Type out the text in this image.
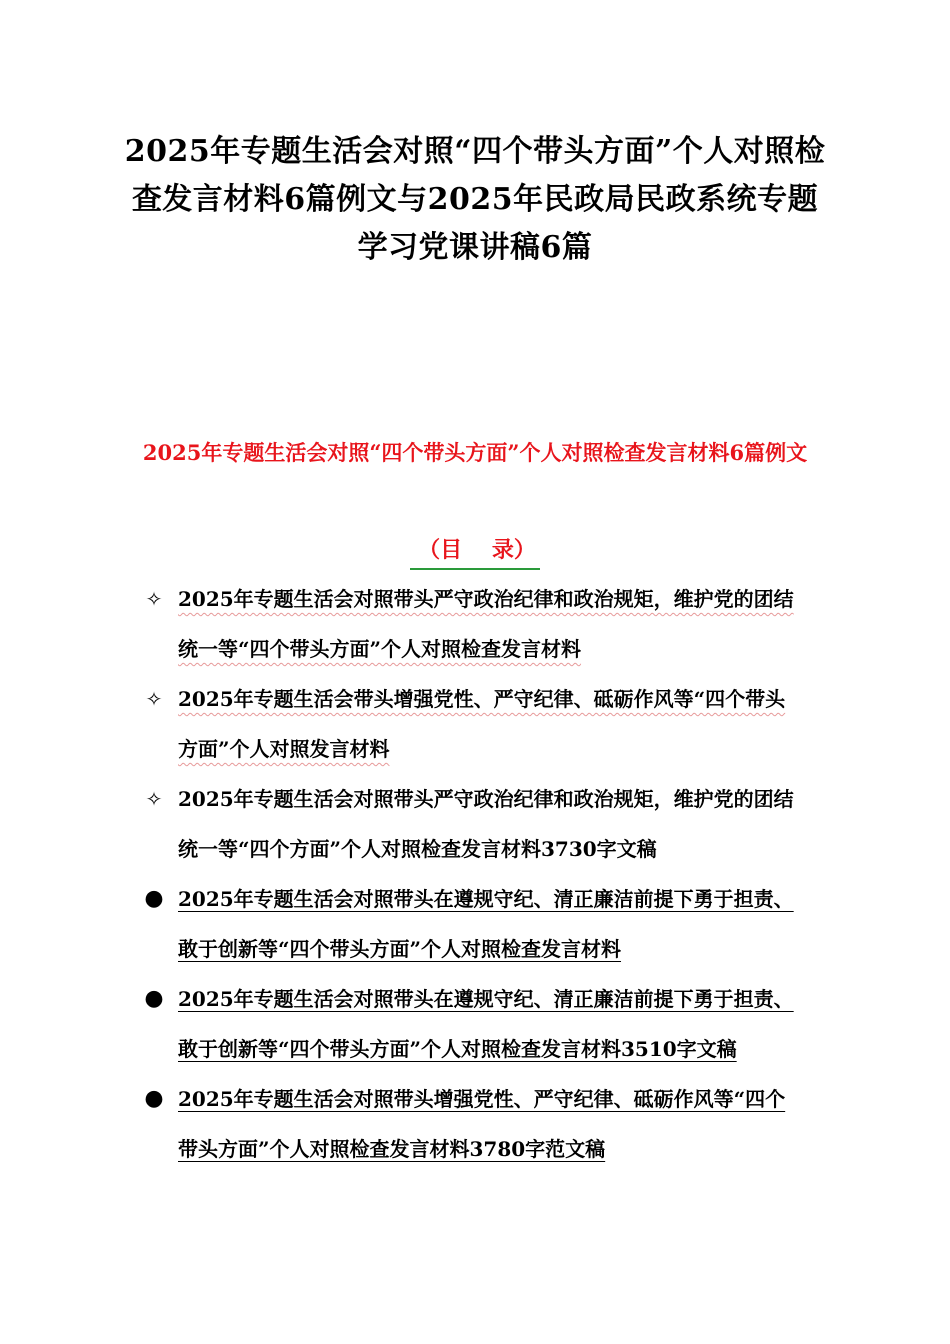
2025年专题生活会对照“四个带头方面”个人对照检查发言材料6篇例文与2025年民政局民政系统专题学习党课讲稿6篇
2025年专题生活会对照“四个带头方面”个人对照检查发言材料6篇例文
（目　 录）
✧ 2025年专题生活会对照带头严守政治纪律和政治规矩，维护党的团结统一等“四个带头方面”个人对照检查发言材料
✧ 2025年专题生活会带头增强党性、严守纪律、砥砺作风等“四个带头方面”个人对照发言材料
✧ 2025年专题生活会对照带头严守政治纪律和政治规矩，维护党的团结统一等“四个方面”个人对照检查发言材料3730字文稿
● 2025年专题生活会对照带头在遵规守纪、清正廉洁前提下勇于担责、敢于创新等“四个带头方面”个人对照检查发言材料
● 2025年专题生活会对照带头在遵规守纪、清正廉洁前提下勇于担责、敢于创新等“四个带头方面”个人对照检查发言材料3510字文稿
● 2025年专题生活会对照带头增强党性、严守纪律、砥砺作风等“四个带头方面”个人对照检查发言材料3780字范文稿
